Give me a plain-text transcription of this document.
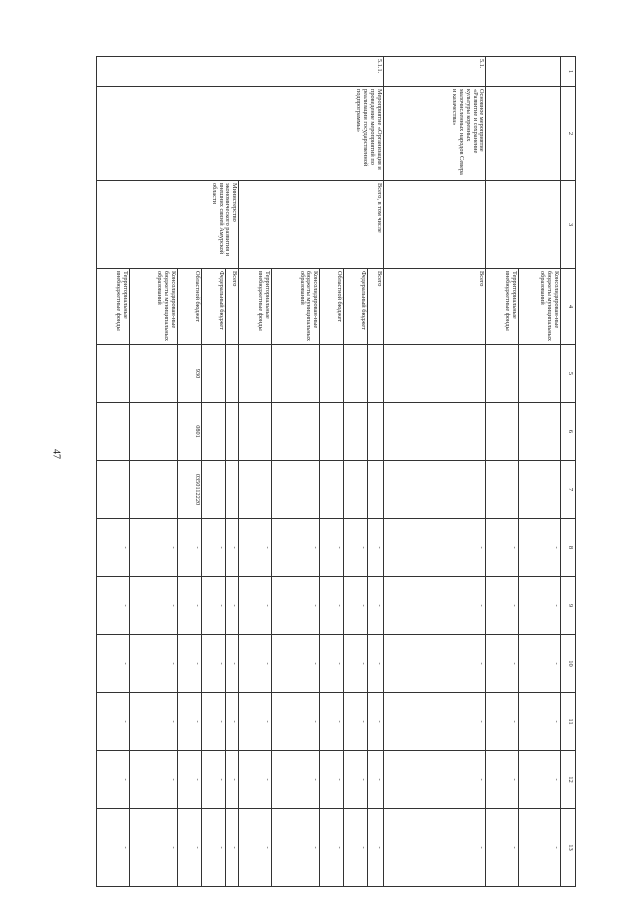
47
1	2	3	4	5	6	7	8	9	10	11	12	13
			Консолидирован-ные бюджеты муниципальных образований				-	-	-	-	-	-
			Территориальные внебюджетные фонды				-	-	-	-	-	-
5.1.	Основное мероприятие «Развитие и сохранение культуры коренных малочисленных народов Севера и казачества»		Всего				-	-	-	-	-	-
5.1.1.	Мероприятие «Организация и проведение мероприятий по реализации государственной подпрограммы»	Всего, в том числе	Всего				-	-	-	-	-	-
			Федеральный бюджет				-	-	-	-	-	-
			Областной бюджет				-	-	-	-	-	-
			Консолидирован-ные бюджеты муниципальных образований				-	-	-	-	-	-
			Территориальные внебюджетные фонды				-	-	-	-	-	-
		Министерство экономического развития и внешних связей Амурской области	Всего				-	-	-	-	-	-
			Федеральный бюджет				-	-	-	-	-	-
			Областной бюджет	930	0801	0350112220	-	-	-	-	-	-
			Консолидирован-ные бюджеты муниципальных образований				-	-	-	-	-	-
			Территориальные внебюджетные фонды				-	-	-	-	-	-
